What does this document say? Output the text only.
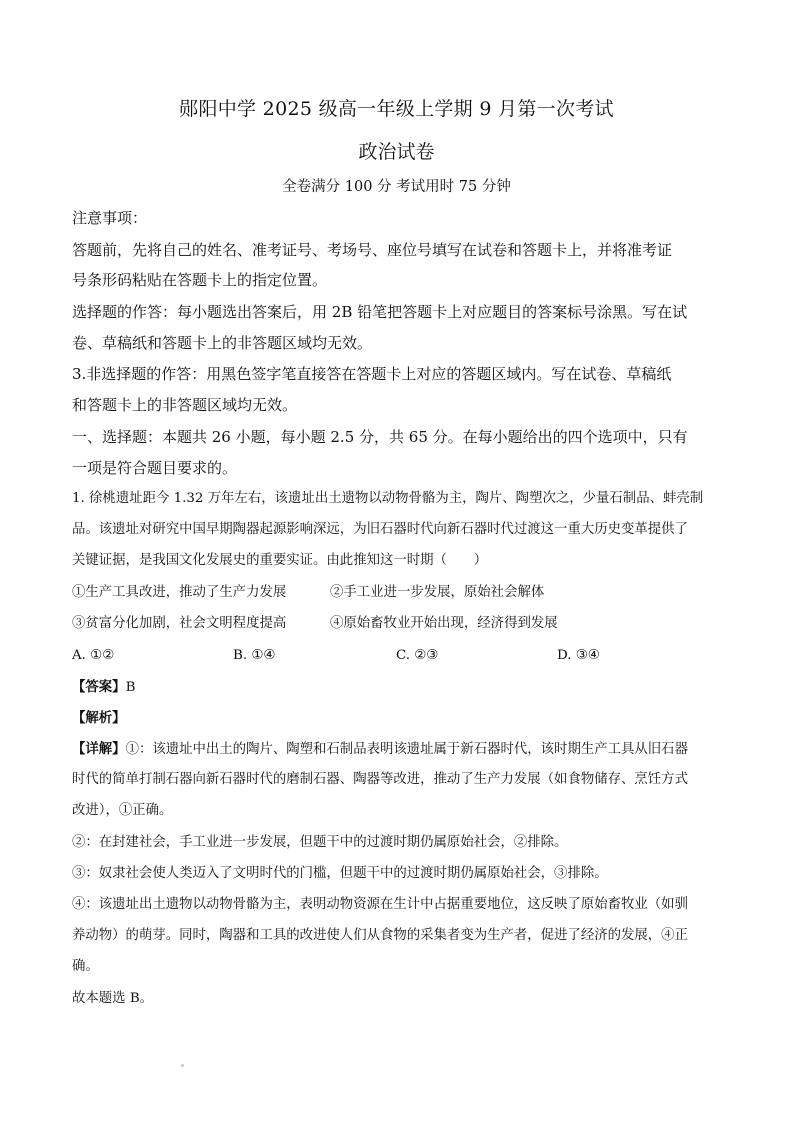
郧阳中学 2025 级高一年级上学期 9 月第一次考试
政治试卷
全卷满分 100 分 考试用时 75 分钟
注意事项：
答题前，先将自己的姓名、准考证号、考场号、座位号填写在试卷和答题卡上，并将准考证
号条形码粘贴在答题卡上的指定位置。
选择题的作答：每小题选出答案后，用 2B 铅笔把答题卡上对应题目的答案标号涂黑。写在试
卷、草稿纸和答题卡上的非答题区域均无效。
3.非选择题的作答：用黑色签字笔直接答在答题卡上对应的答题区域内。写在试卷、草稿纸
和答题卡上的非答题区域均无效。
一、选择题：本题共 26 小题，每小题 2.5 分，共 65 分。在每小题给出的四个选项中，只有
一项是符合题目要求的。
1. 徐桃遗址距今 1.32 万年左右，该遗址出土遗物以动物骨骼为主，陶片、陶塑次之，少量石制品、蚌壳制
品。该遗址对研究中国早期陶器起源影响深远，为旧石器时代向新石器时代过渡这一重大历史变革提供了
关键证据，是我国文化发展史的重要实证。由此推知这一时期（　　）
①生产工具改进，推动了生产力发展	②手工业进一步发展，原始社会解体
③贫富分化加剧，社会文明程度提高	④原始畜牧业开始出现，经济得到发展
A. ①②	B. ①④	C. ②③	D. ③④
【答案】B
【解析】
【详解】①：该遗址中出土的陶片、陶塑和石制品表明该遗址属于新石器时代，该时期生产工具从旧石器
时代的简单打制石器向新石器时代的磨制石器、陶器等改进，推动了生产力发展（如食物储存、烹饪方式
改进），①正确。
②：在封建社会，手工业进一步发展，但题干中的过渡时期仍属原始社会，②排除。
③：奴隶社会使人类迈入了文明时代的门槛，但题干中的过渡时期仍属原始社会，③排除。
④：该遗址出土遗物以动物骨骼为主，表明动物资源在生计中占据重要地位，这反映了原始畜牧业（如驯
养动物）的萌芽。同时，陶器和工具的改进使人们从食物的采集者变为生产者，促进了经济的发展，④正
确。
故本题选 B。
